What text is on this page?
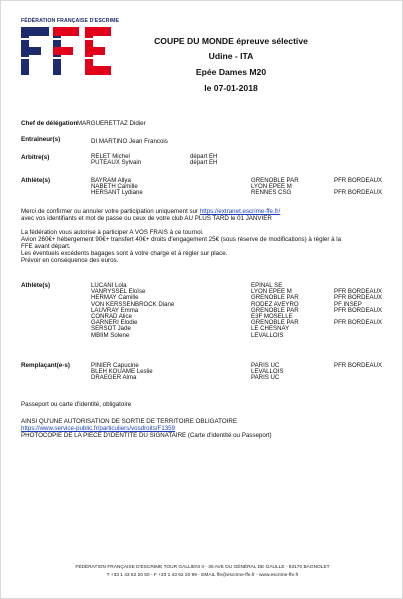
FÉDÉRATION FRANÇAISE D'ESCRIME
COUPE DU MONDE épreuve sélective
Udine - ITA
Epée Dames M20
le 07-01-2018
Chef de délégation MARGUERETTAZ Didier
Entraîneur(s)	DI MARTINO Jean Francois
Arbitre(s)	RELET Michel	départ EH
PUTEAUX Sylvain	départ EH
Athlète(s)	BAYRAM Allya	GRENOBLE PAR	PFR BORDEAUX
NABETH Camille	LYON EPEE M
HERSANT Lydiane	RENNES CSG	PFR BORDEAUX
Merci de confirmer ou annuler votre participation uniquement sur https://extranet.escrime-ffe.fr/
avec vos identifiants et mot de passe ou ceux de votre club AU PLUS TARD le 01 JANVIER
La fédération vous autorise à participer A VOS FRAIS à ce tournoi.
Avion 260€+ hébergement 90€+ transfert 40€+ droits d'engagement 25€ (sous réserve de modifications) à régler à la
FFE avant départ.
Les éventuels excédents bagages sont à votre charge et à régler sur place.
Prévoir en conséquence des euros.
Athlète(s)	LUCANI Lola	EPINAL SE
VANRYSSEL Eloïse	LYON EPEE M	PFR BORDEAUX
HERMAY Camille	GRENOBLE PAR	PFR BORDEAUX
VON KERSSENBROCK Diane	RODEZ AVEYRO	PF INSEP
LAUVRAY Emma	GRENOBLE PAR	PFR BORDEAUX
CONRAD Alice	E3F MOSELLE
GARNERI Elodie	GRENOBLE PAR	PFR BORDEAUX
SERSOT Jade	LE CHESNAY
MBIIM Solene	LEVALLOIS
Remplaçant(e-s)	PINIER Capucine	PARIS UC	PFR BORDEAUX
BLEH KOUAME Leslie	LEVALLOIS
DRAEGER Alma	PARIS UC
Passeport ou carte d'identité, obligatoire
AINSI QU'UNE AUTORISATION DE SORTIE DE TERRITOIRE OBLIGATOIRE
https://www.service-public.fr/particuliers/vosdroits/F1359
PHOTOCOPIE DE LA PIECE D'IDENTITE DU SIGNATAIRE (Carte d'identité ou Passeport)
FÉDÉRATION FRANÇAISE D'ESCRIME TOUR GALLIENI II - 36 AVE DU GÉNÉRAL DE GAULLE - 93170 BAGNOLET
T +33 1 43 62 20 50 - F +33 1 43 62 20 99 - EMAIL ffe@escrime-ffe.fr - www.escrime-ffe.fr
